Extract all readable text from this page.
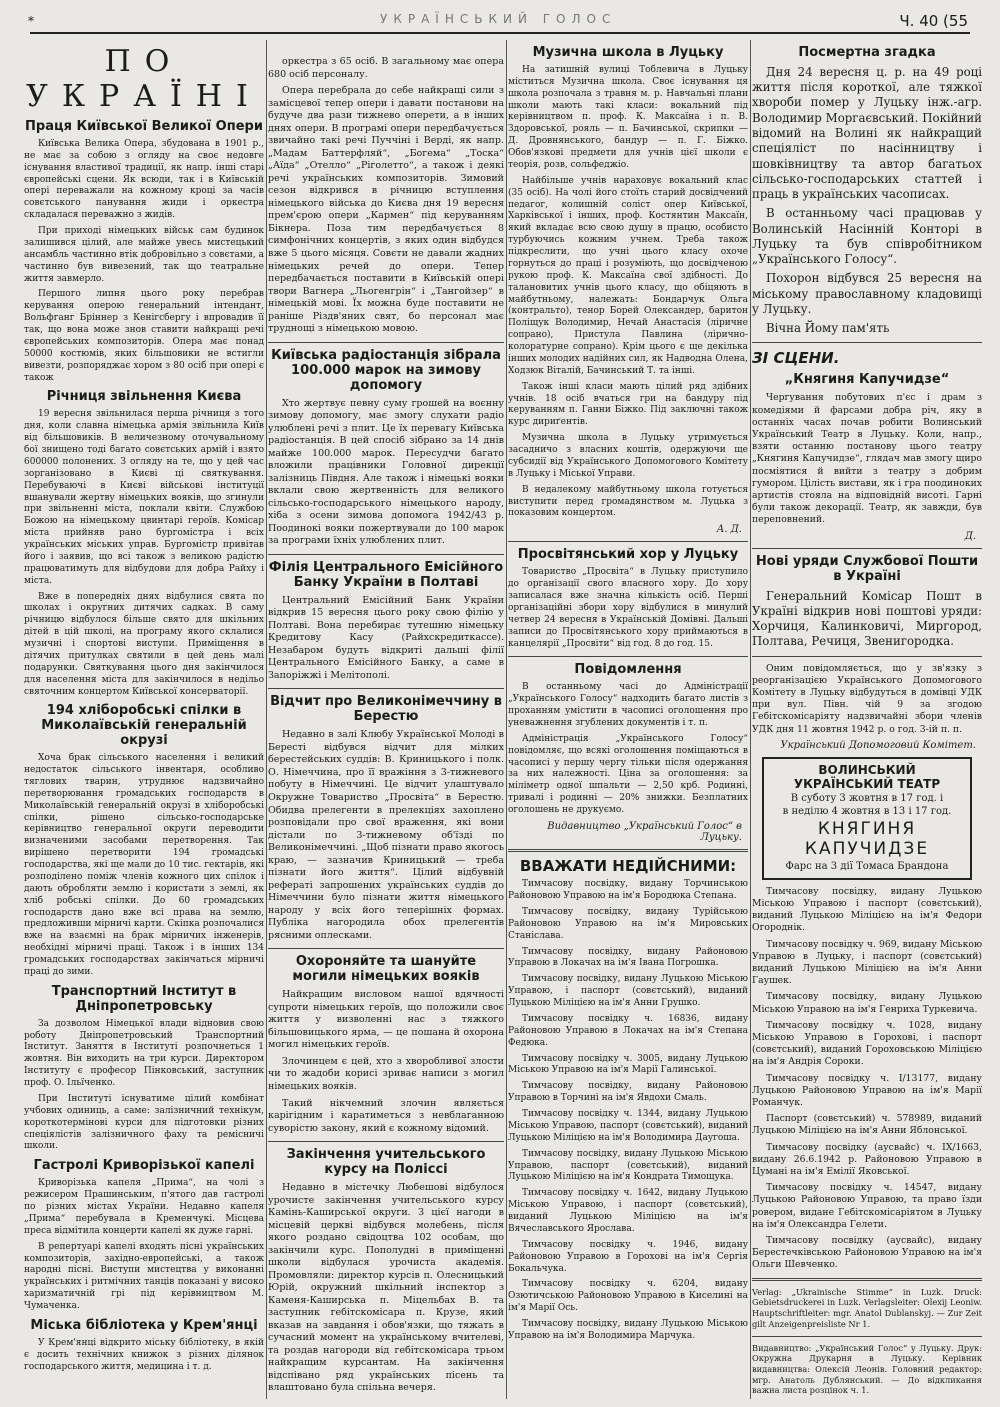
*	УКРАЇНСЬКИЙ ГОЛОС	Ч. 40 (55
ПО УКРАЇНІ
Праця Київської Великої Опери

Київська Велика Опера, збудована в 1901 р., не має за собою з огляду на своє недовге існування властивої традиції, як напр. інші старі європейські сцени. Як всюди, так і в Київській опері переважали на кожному кроці за часів совєтського панування жиди і оркестра складалася переважно з жидів.

При приході німецьких військ сам будинок залишився цілий, але майже увесь мистецький ансамбль частинно втік добровільно з совєтами, а частинно був вивезений, так що театральне життя завмерло.

Першого липня цього року перебрав керування оперою генеральний інтендант, Вольфганг Бріннер з Кенігсбергу і впровадив її так, що вона може знов ставити найкращі речі європейських композиторів. Опера має понад 50000 костюмів, яких більшовики не встигли вивезти, розпоряджає хором з 80 осіб при опері є також

Річниця звільнення Києва

19 вересня звільнилася перша річниця з того дня, коли славна німецька армія звільнила Київ від більшовиків. В величезному оточувальному бої знищено тоді багато совєтських армій і взято 600000 полонених. З огляду на те, що у цей час зорганізовано в Києві ці святкування. Перебуваючі в Києві військові інституції вшанували жертву німецьких вояків, що згинули при звільненні міста, поклали квіти. Службою Божою на німецькому цвинтарі героїв. Комісар міста прийняв рано бургомістра і всіх українських міських управ. Бургомістр привітав його і заявив, що всі також з великою радістю працюватимуть для відбудови для добра Райху і міста.

Вже в попередніх днях відбулися свята по школах і округних дитячих садках. В саму річницю відбулося більше свято для шкільних дітей в цій школі, на програму якого склалися музичні і спортові виступи. Приміщення в дітячих притулках святили в цей день малі подарунки. Святкування цього дня закінчилося для населення міста для закінчилося в недільо святочним концертом Київської консерваторії.

194 хліборобські спілки в Миколаївській генеральній окрузі

Хоча брак сільського населення і великий недостаток сільського інвентаря, особливо тяглових тварин, утруднює надзвичайно перетворювання громадських господарств в Миколаївській генеральній окрузі в хліборобські спілки, рішено сільсько-господарське керівництво генеральної округи переводити визначеними засобами перетворення. Так вирішено перетворити 194 громадські господарства, які ще мали до 10 тис. гектарів, які розподілено поміж членів кожного цих спілок і дають обробляти землю і користати з землі, як хліб робські спілки. До 60 громадських господарств дано вже всі права на землю, предложивши мірничі карти. Скіпка розпочалися вже на взаємні на брак мірничих інженерів, необхідні мірничі праці. Також і в інших 134 громадських господарствах закінчаться мірничі праці до зими.

Транспортний Інститут в Дніпропетровську

За дозволом Німецької влади відновив свою роботу Дніпропетровський Транспортний Інститут. Заняття в Інституті розпочнеться 1 жовтня. Він виходить на три курси. Директором Інституту є професор Пінковський, заступник проф. О. Ільїченко.

При Інституті існуватиме цілий комбінат учбових одиниць, а саме: залізничний технікум, короткотермінові курси для підготовки різних спеціялістів залізничного фаху та ремісничі школи.

Гастролі Криворізької капелі

Криворізька капеля „Прима“, на чолі з режисером Прашинським, п'ятого дав гастролі по різних містах України. Недавно капеля „Прима“ перебувала в Кременчукі. Місцева преса відмітила концерти капелі як дуже гарні.

В репертуарі капелі входять пісні українських композиторів, західно-европейські, а також народні пісні. Виступи мистецтва у виконанні українських і ритмічних танців показані у високо харизматичній грі під керівництвом М. Чумаченка.

Міська бібліотека у Крем'янці

У Крем'янці відкрито міську бібліотеку, в якій є досить технічних книжок з різних ділянок господарського життя, медицина і т. д.

оркестра з 65 осіб. В загальному має опера 680 осіб персоналу.

Опера перебрала до себе найкращі сили з замісцевої тепер опери і давати постанови на будуче два рази тижнево оперети, а в інших днях опери. В програмі опери передбачується звичайно такі речі Пуччіні і Верді, як напр. „Мадам Баттерфляй“, „Богема“ „Тоска“ „Аїда“ „Отелло“ „Ріголетто“, а також і деякі речі українських композиторів. Зимовий сезон відкрився в річницю вступлення німецького війська до Києва дня 19 вересня прем'єрою опери „Кармен“ під керуванням Бікнера. Поза тим передбачується 8 симфонічних концертів, з яких один відбудся вже 5 цього місяця. Совєти не давали жадних німецьких речей до опери. Тепер передбачається поставити в Київській опері твори Вагнера „Льогенгрін“ і „Тангойзер“ в німецькій мові. Їх можна буде поставити не раніше Різдв'яних свят, бо персонал має труднощі з німецькою мовою.

Київська радіостанція зібрала 100.000 марок на зимову допомогу

Хто жертвує певну суму грошей на воєнну зимову допомогу, має змогу слухати радіо улюблені речі з плит. Це їх перевагу Київська радіостанція. В цей спосіб зібрано за 14 днів майже 100.000 марок. Пересудчи багато вложили працівники Головної дирекції залізниць Півдня. Але також і німецькі вояки вклали свою жертвенність для великого сільсько-господарського німецького народу, хіба з осени зимова допомога 1942/43 р. Поодинокі вояки пожертвували до 100 марок за програми їхніх улюблених плит.

Філія Центрального Емісійного Банку України в Полтаві

Центральний Емісійний Банк України відкрив 15 вересня цього року свою філію у Полтаві. Вона перебирає тутешню німецьку Кредитову Касу (Райхскредиткассе). Незабаром будуть відкриті дальші філії Центрального Емісійного Банку, а саме в Запоріжжі і Мелітополі.

Відчит про Великонімеччину в Берестю

Недавно в залі Клюбу Української Молоді в Бересті відбувся відчит для мілких берестейських суддів: В. Криницького і полк. О. Німеччина, про її вражіння з 3-тижневого побуту в Німеччині. Це відчит улаштувало Окружне Товариство „Просвіта“ в Берестю. Обидва прелегенти в прелекціях захоплено розповідали про свої враження, які вони дістали по 3-тижневому об'їзді по Великонімеччині. „Щоб пізнати право якогось краю, — зазначив Криницький — треба пізнати його життя“. Цілий відбувній рефераті запрошених українських суддів до Німеччини було пізнати життя німецького народу у всіх його теперішніх формах. Публіка нагородила обох прелегентів рясними оплесками.

Охороняйте та шануйте могили німецьких вояків

Найкращим висловом нашої вдячності супроти німецьких героїв, що положили своє життя у визволенні нас з тяжкого більшовицького ярма, — це пошана й охорона могил німецьких героїв.

Злочинцем є цей, хто з хворобливої злости чи то жадоби корисі зриває написи з могил німецьких вояків.

Такий нікчемний злочин являється карігідним і каратиметься з невблаганною суворістю закону, який є кожному відомий.

Закінчення учительського курсу на Поліссі

Недавно в містечку Любешові відбулося урочисте закінчення учительського курсу Камінь-Каширської округи. З цієї нагоди в місцевій церкві відбувся молебень, після якого роздано свідоцтва 102 особам, що закінчили курс. Пополудні в приміщенні школи відбулася урочиста академія. Промовляли: директор курсів п. Олесницький Юрій, окружний шкільний інспектор з Каменя-Каширська п. Міцельбах В. та заступник гебітскомісара п. Крузе, який вказав на завдання і обов'язки, що тяжать в сучасний момент на українському вчителеві, та роздав нагороди від гебітскомісара трьом найкращим курсантам. На закінчення відспівано ряд українських пісень та влаштовано була спільна вечеря.

Музична школа в Луцьку

На затишній вулиці Тоблевича в Луцьку міститься Музична школа. Своє існування ця школа розпочала з травня м. р. Навчальні плани школи мають такі класи: вокальний під керівництвом п. проф. К. Максаїна і п. В. Здоровської, рояль — п. Бачинської, скрипки — Д. Дровнянського, бандур — п. Г. Біжко. Обов'язкові предмети для учнів цієї школи є теорія, розв, сольфеджіо.

Найбільше учнів нараховує вокальний клас (35 осіб). На чолі його стоїть старий досвідчений педагог, колишній соліст опер Київської, Харківської і інших, проф. Костянтин Максаїн, який вкладає всю свою душу в працю, особисто турбуючись кожним учнем. Треба також підкреслити, що учні цього класу охоче горнуться до праці і розуміють, що досвідченою рукою проф. К. Максаїна свої здібності. До талановитих учнів цього класу, що обіцяють в майбутньому, належать: Бондарчук Ольга (контральто), тенор Борей Олександер, баритон Поліщук Володимир, Нечай Анастасія (ліричне сопрано), Пристула Павлина (лірично-колоратурне сопрано). Крім цього є ще декілька інших молодих надійних сил, як Надводна Олена, Ходзюк Віталій, Бачинський Т. та інші.

Також інші класи мають цілий ряд здібних учнів. 18 осіб вчаться гри на бандуру під керуванням п. Ганни Біжко. Під заключні також курс дириґентів.

Музична школа в Луцьку утримується засадничо з власних коштів, одержуючи ще субсидії від Українського Допомогового Комітету в Луцьку і Міської Управи.

В недалекому майбутньому школа готується виступити перед громадянством м. Луцька з показовим концертом.

А. Д.
Просвітянський хор у Луцьку

Товариство „Просвіта“ в Луцьку приступило до організації свого власного хору. До хору записалася вже значна кількість осіб. Перші організаційні збори хору відбулися в минулий четвер 24 вересня в Українській Домівні. Дальші записи до Просвітянського хору приймаються в канцелярії „Просвіти“ від год. 8 до год. 15.

Повідомлення

В останньому часі до Адміністрації „Українського Голосу“ надходить багато листів з проханням умістити в часописі оголошення про уневажнення згублених документів і т. п.

Адміністрація „Українського Голосу“ повідомляє, що всякі оголошення поміщаються в часописі у першу чергу тільки після одержання за них належності. Ціна за оголошення: за міліметр одної шпальти — 2,50 крб. Родинні, тривалі і родинні — 20% знижки. Безплатних оголошень не друкуємо.

Видавництво „Український Голос“ в Луцьку.
ВВАЖАТИ НЕДІЙСНИМИ:

Тимчасову посвідку, видану Торчинською Районовою Управою на ім'я Бородюка Степана.

Тимчасову посвідку, видану Турійською Районовою Управою на ім'я Мировських Станіслава.

Тимчасову посвідку, видану Районовою Управою в Локачах на ім'я Івана Погрошка.

Тимчасову посвідку, видану Луцькою Міською Управою, і паспорт (совєтський), виданий Луцькою Міліцією на ім'я Анни Грушко.

Тимчасову посвідку ч. 16836, видану Районовою Управою в Локачах на ім'я Степана Федюка.

Тимчасову посвідку ч. 3005, видану Луцькою Міською Управою на ім'я Марії Галинської.

Тимчасову посвідку, видану Районовою Управою в Торчині на ім'я Явдохи Смаль.

Тимчасову посвідку ч. 1344, видану Луцькою Міською Управою, паспорт (совєтський), виданий Луцькою Міліцією на ім'я Володимира Даугоша.

Тимчасову посвідку, видану Луцькою Міською Управою, паспорт (совєтський), виданий Луцькою Міліцією на ім'я Кондрата Тимощука.

Тимчасову посвідку ч. 1642, видану Луцькою Міською Управою, і паспорт (совєтський), виданий Луцькою Міліцією на ім'я Вячеславського Ярослава.

Тимчасову посвідку ч. 1946, видану Районовою Управою в Горохові на ім'я Сергія Бокальчука.

Тимчасову посвідку ч. 6204, видану Озютичською Районовою Управою в Киселині на ім'я Марії Ось.

Тимчасову посвідку, видану Луцькою Міською Управою на ім'я Володимира Марчука.

Посмертна згадка

Дня 24 вересня ц. р. на 49 році життя після короткої, але тяжкої хвороби помер у Луцьку інж.-агр. Володимир Моргаєвський. Покійний відомий на Волині як найкращий спеціяліст по насінництву і шовківництву та автор багатьох сільсько-господарських статтей і праць в українських часописах.

В останньому часі працював у Волинській Насінній Конторі в Луцьку та був співробітником „Українського Голосу“.

Похорон відбувся 25 вересня на міському православному кладовищі у Луцьку.

Вічна Йому пам'ять

ЗІ СЦЕНИ.
„Княгиня Капучидзе“

Чергування побутових п'єс і драм з комедіями й фарсами добра річ, яку в останніх часах почав робити Волинський Український Театр в Луцьку. Коли, напр., взяти останню постанову цього театру „Княгиня Капучидзе“, глядач мав змогу щиро посміятися й вийти з театру з добрим гумором. Цілість вистави, як і гра поодиноких артистів стояла на відповідній висоті. Гарні були також декорації. Театр, як завжди, був переповнений.

Д.
Нові уряди Службової Пошти в Україні

Генеральний Комісар Пошт в Україні відкрив нові поштові уряди: Хорчиця, Калинковичі, Миргород, Полтава, Речиця, Звенигородка.

Оним повідомляється, що у зв'язку з реорганізацією Українського Допомогового Комітету в Луцьку відбудуться в домівці УДК при вул. Півн. чій 9 за згодою Гебітскомісаріяту надзвичайні збори членів УДК дня 11 жовтня 1942 р. о год. 3-ій п. п.

Український Допомоговий Комітет.
ВОЛИНСЬКИЙ УКРАЇНСЬКИЙ ТЕАТР
В суботу 3 жовтня в 17 год. і
в неділю 4 жовтня в 13 і 17 год.
КНЯГИНЯ КАПУЧИДЗЕ
Фарс на 3 дії Томаса Брандона

Тимчасову посвідку, видану Луцькою Міською Управою і паспорт (совєтський), виданий Луцькою Міліцією на ім'я Федори Огороднік.

Тимчасову посвідку ч. 969, видану Міською Управою в Луцьку, і паспорт (совєтський) виданий Луцькою Міліцією на ім'я Анни Гаушек.

Тимчасову посвідку, видану Луцькою Міською Управою на ім'я Генриха Туркевича.

Тимчасову посвідку ч. 1028, видану Міською Управою в Горохові, і паспорт (совєтський), виданий Гороховською Міліцією на ім'я Андрія Сороки.

Тимчасову посвідку ч. І/13177, видану Луцькою Районовою Управою на ім'я Марії Романчук.

Паспорт (совєтський) ч. 578989, виданий Луцькою Міліцією на ім'я Анни Яблонської.

Тимчасову посвідку (аусвайс) ч. ІХ/1663, видану 26.6.1942 р. Районовою Управою в Цумані на ім'я Емілії Яковської.

Тимчасову посвідку ч. 14547, видану Луцькою Районовою Управою, та право їзди ровером, видане Гебітскомісаріятом в Луцьку на ім'я Олександра Гелети.

Тимчасову посвідку (аусвайс), видану Берестечківською Районовою Управою на ім'я Ольги Шевченко.

Verlag: „Ukrainische Stimme“ in Luzk. Druck: Gebietsdruckerei in Luzk. Verlagsleiter: Olexij Leoniw. Hauptschriftleiter: mgr. Anatol Dublanskyj. — Zur Zeit gilt Anzeigenpreisliste Nr 1.

Видавництво: „Український Голос“ у Луцьку. Друк: Окружна Друкарня в Луцьку. Керівник видавництва: Олексій Леонів. Головний редактор: мгр. Анатоль Дублянський. — До відкликання важна листа розцінок ч. 1.
